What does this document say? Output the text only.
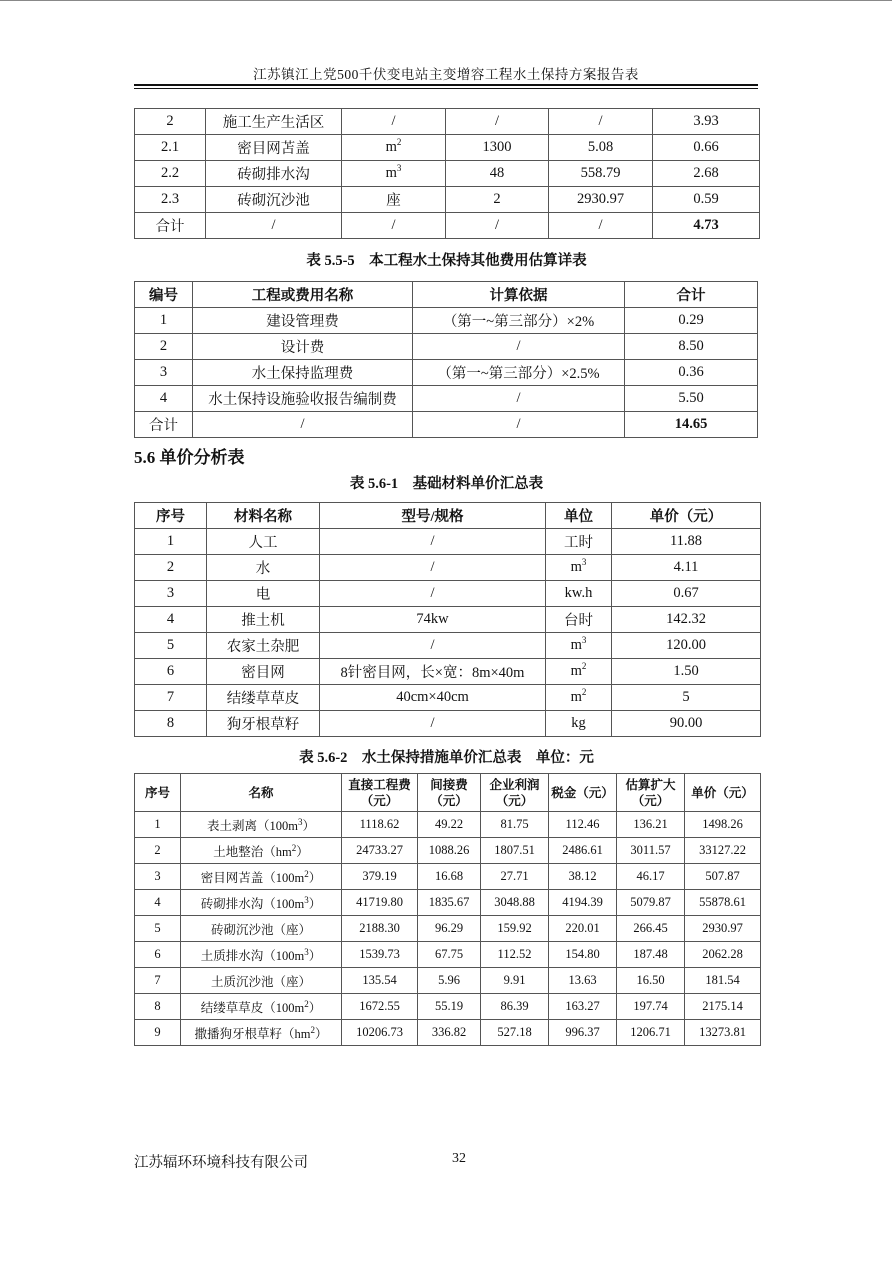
江苏镇江上党500千伏变电站主变增容工程水土保持方案报告表
2	施工生产生活区	/	/	/	3.93
2.1	密目网苫盖	$m^2$	1300	5.08	0.66
2.2	砖砌排水沟	$m^3$	48	558.79	2.68
2.3	砖砌沉沙池	座	2	2930.97	0.59
合计	/	/	/	/	4.73
表 5.5-5　本工程水土保持其他费用估算详表
编号	工程或费用名称	计算依据	合计
1	建设管理费	（第一~第三部分）×2%	0.29
2	设计费	/	8.50
3	水土保持监理费	（第一~第三部分）×2.5%	0.36
4	水土保持设施验收报告编制费	/	5.50
合计	/	/	14.65
5.6 单价分析表
表 5.6-1　基础材料单价汇总表
序号	材料名称	型号/规格	单位	单价（元）
1	人工	/	工时	11.88
2	水	/	$m^3$	4.11
3	电	/	kw.h	0.67
4	推土机	74kw	台时	142.32
5	农家土杂肥	/	$m^3$	120.00
6	密目网	8针密目网，长×宽：8m×40m	$m^2$	1.50
7	结缕草草皮	40cm×40cm	$m^2$	5
8	狗牙根草籽	/	kg	90.00
表 5.6-2　水土保持措施单价汇总表　单位：元
序号	名称	直接工程费（元）	间接费（元）	企业利润（元）	税金（元）	估算扩大（元）	单价（元）
1	表土剥离$(100m^3)$	1118.62	49.22	81.75	112.46	136.21	1498.26
2	土地整治$(hm^2)$	24733.27	1088.26	1807.51	2486.61	3011.57	33127.22
3	密目网苫盖$(100m^2)$	379.19	16.68	27.71	38.12	46.17	507.87
4	砖砌排水沟$(100m^3)$	41719.80	1835.67	3048.88	4194.39	5079.87	55878.61
5	砖砌沉沙池（座）	2188.30	96.29	159.92	220.01	266.45	2930.97
6	土质排水沟$(100m^3)$	1539.73	67.75	112.52	154.80	187.48	2062.28
7	土质沉沙池（座）	135.54	5.96	9.91	13.63	16.50	181.54
8	结缕草草皮$(100m^2)$	1672.55	55.19	86.39	163.27	197.74	2175.14
9	撒播狗牙根草籽$(hm^2)$	10206.73	336.82	527.18	996.37	1206.71	13273.81
江苏辐环环境科技有限公司	32
